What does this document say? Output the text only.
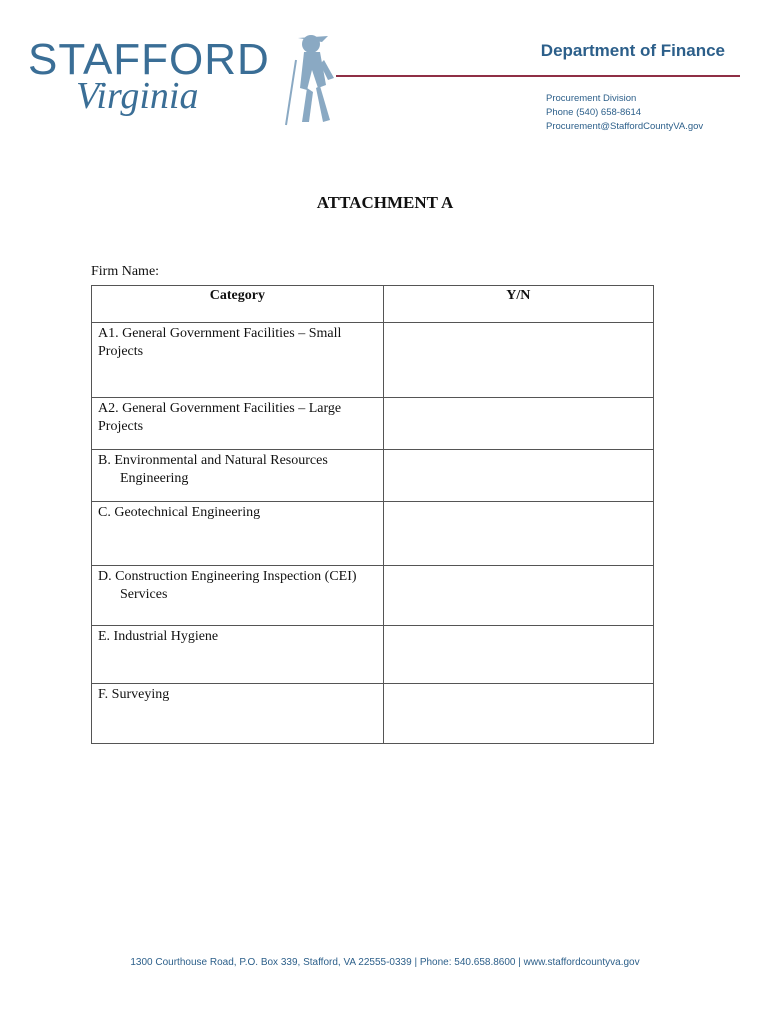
STAFFORD
Virginia
Department of Finance
Procurement Division
Phone (540) 658-8614
Procurement@StaffordCountyVA.gov
ATTACHMENT A
Firm Name:
Category	Y/N
A1. General Government Facilities – Small Projects	
A2. General Government Facilities – Large Projects	

B. Environmental and Natural Resources Engineering	

C. Geotechnical Engineering	

D. Construction Engineering Inspection (CEI) Services	

E. Industrial Hygiene	
F. Surveying	
1300 Courthouse Road, P.O. Box 339, Stafford, VA 22555-0339 | Phone: 540.658.8600 | www.staffordcountyva.gov
